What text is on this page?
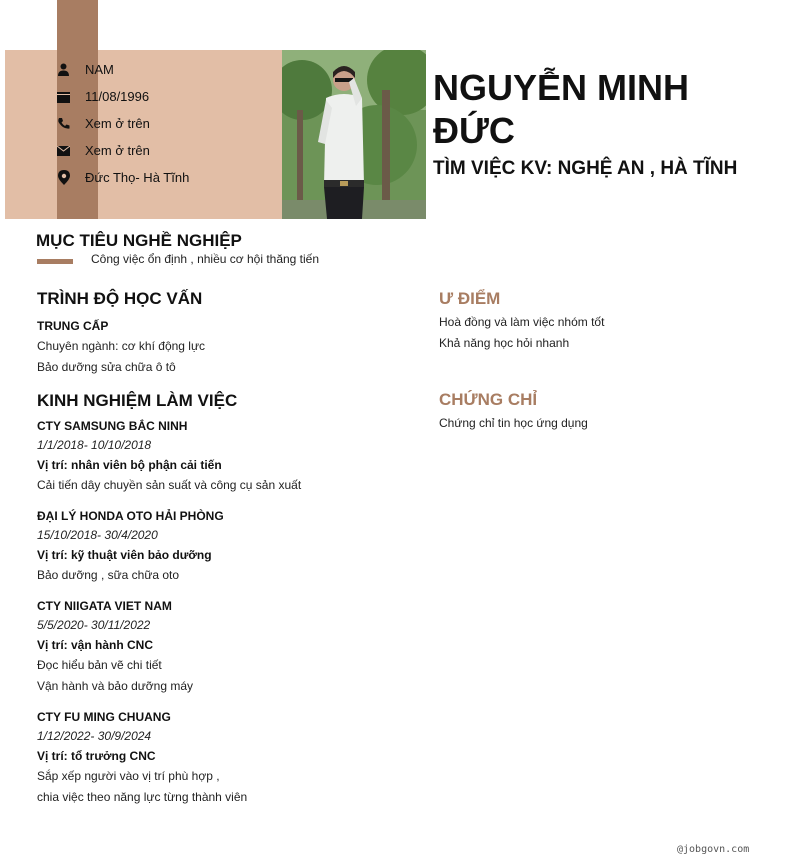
NAM
11/08/1996
Xem ở trên
Xem ở trên
Đức Thọ- Hà Tĩnh
NGUYỄN MINH ĐỨC
TÌM VIỆC KV: NGHỆ AN , HÀ TĨNH
MỤC TIÊU NGHỀ NGHIỆP
Công việc ổn định , nhiều cơ hội thăng tiến
TRÌNH ĐỘ HỌC VẤN
TRUNG CẤP
Chuyên ngành: cơ khí động lực
Bảo dưỡng sửa chữa ô tô
KINH NGHIỆM LÀM VIỆC
CTY SAMSUNG BẮC NINH
1/1/2018- 10/10/2018
Vị trí: nhân viên bộ phận cải tiến
Cải tiến dây chuyền sản suất và công cụ sản xuất
ĐẠI LÝ HONDA OTO HẢI PHÒNG
15/10/2018- 30/4/2020
Vị trí: kỹ thuật viên bảo dưỡng
Bảo dưỡng , sữa chữa oto
CTY NIIGATA VIET NAM
5/5/2020- 30/11/2022
Vị trí: vận hành CNC
Đọc hiểu bản vẽ chi tiết
Vận hành và bảo dưỡng máy
CTY FU MING CHUANG
1/12/2022- 30/9/2024
Vị trí: tổ trưởng CNC
Sắp xếp người vào vị trí phù hợp ,
chia việc theo năng lực từng thành viên
Ư ĐIỂM
Hoà đồng và làm việc nhóm tốt
Khả năng học hỏi nhanh
CHỨNG CHỈ
Chứng chỉ tin học ứng dụng
@jobgovn.com
